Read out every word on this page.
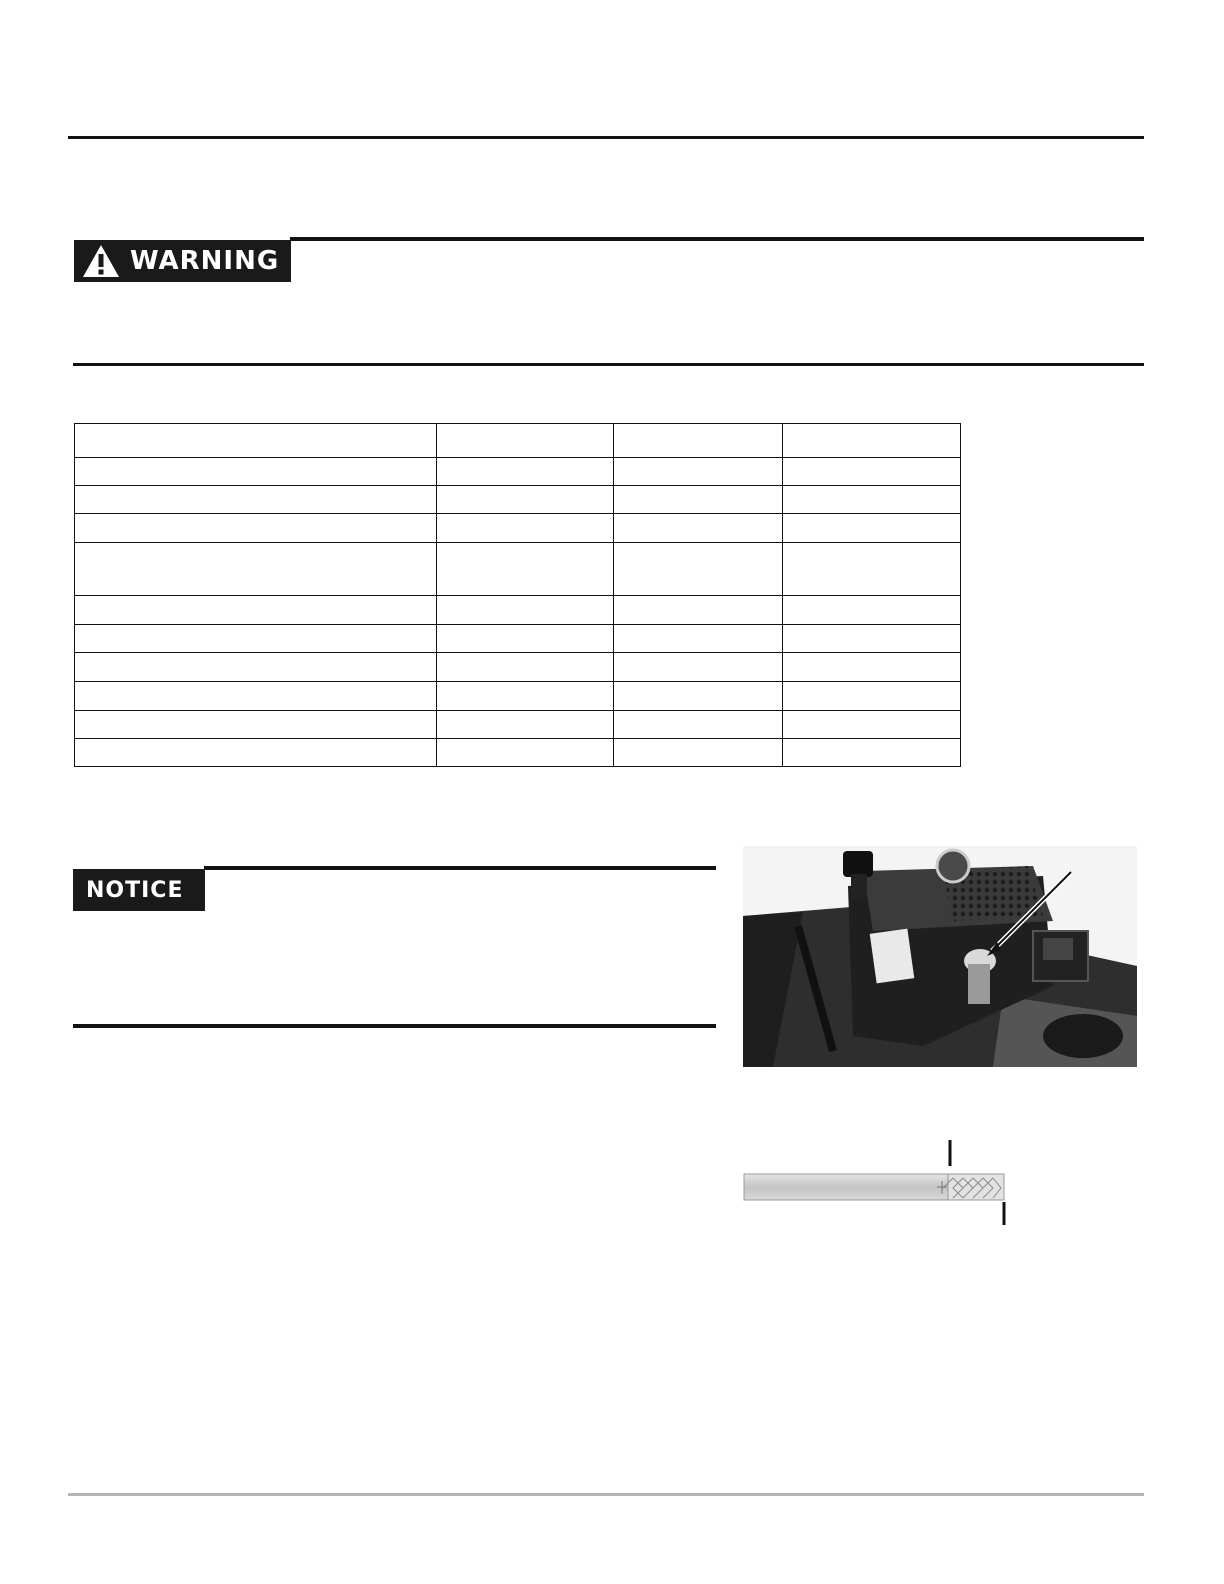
WARNING

NOTICE
